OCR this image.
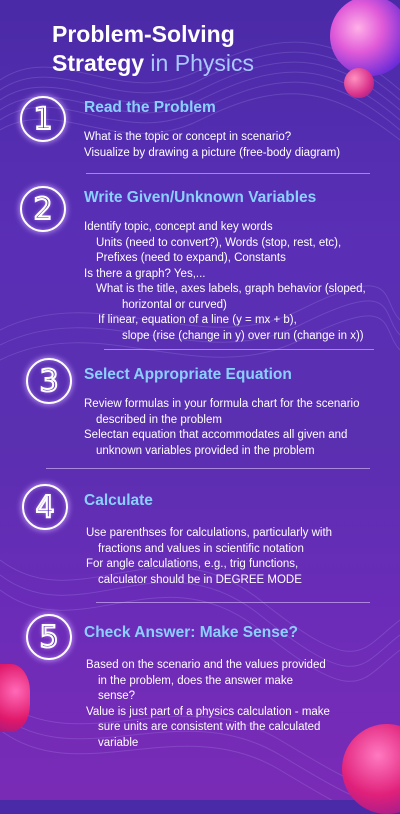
Problem-Solving
Strategy in Physics
1	Read the Problem
What is the topic or concept in scenario?
Visualize by drawing a picture (free-body diagram)
2	Write Given/Unknown Variables
Identify topic, concept and key words
Units (need to convert?), Words (stop, rest, etc),
Prefixes (need to expand), Constants
Is there a graph? Yes,...
What is the title, axes labels, graph behavior (sloped,
horizontal or curved)
If linear, equation of a line (y = mx + b),
slope (rise (change in y) over run (change in x))
3	Select Appropriate Equation
Review formulas in your formula chart for the scenario
described in the problem
Selectan equation that accommodates all given and
unknown variables provided in the problem
4	Calculate
Use parenthses for calculations, particularly with
fractions and values in scientific notation
For angle calculations, e.g., trig functions,
calculator should be in DEGREE MODE
5	Check Answer: Make Sense?
Based on the scenario and the values provided
in the problem, does the answer make
sense?
Value is just part of a physics calculation - make
sure units are consistent with the calculated
variable
